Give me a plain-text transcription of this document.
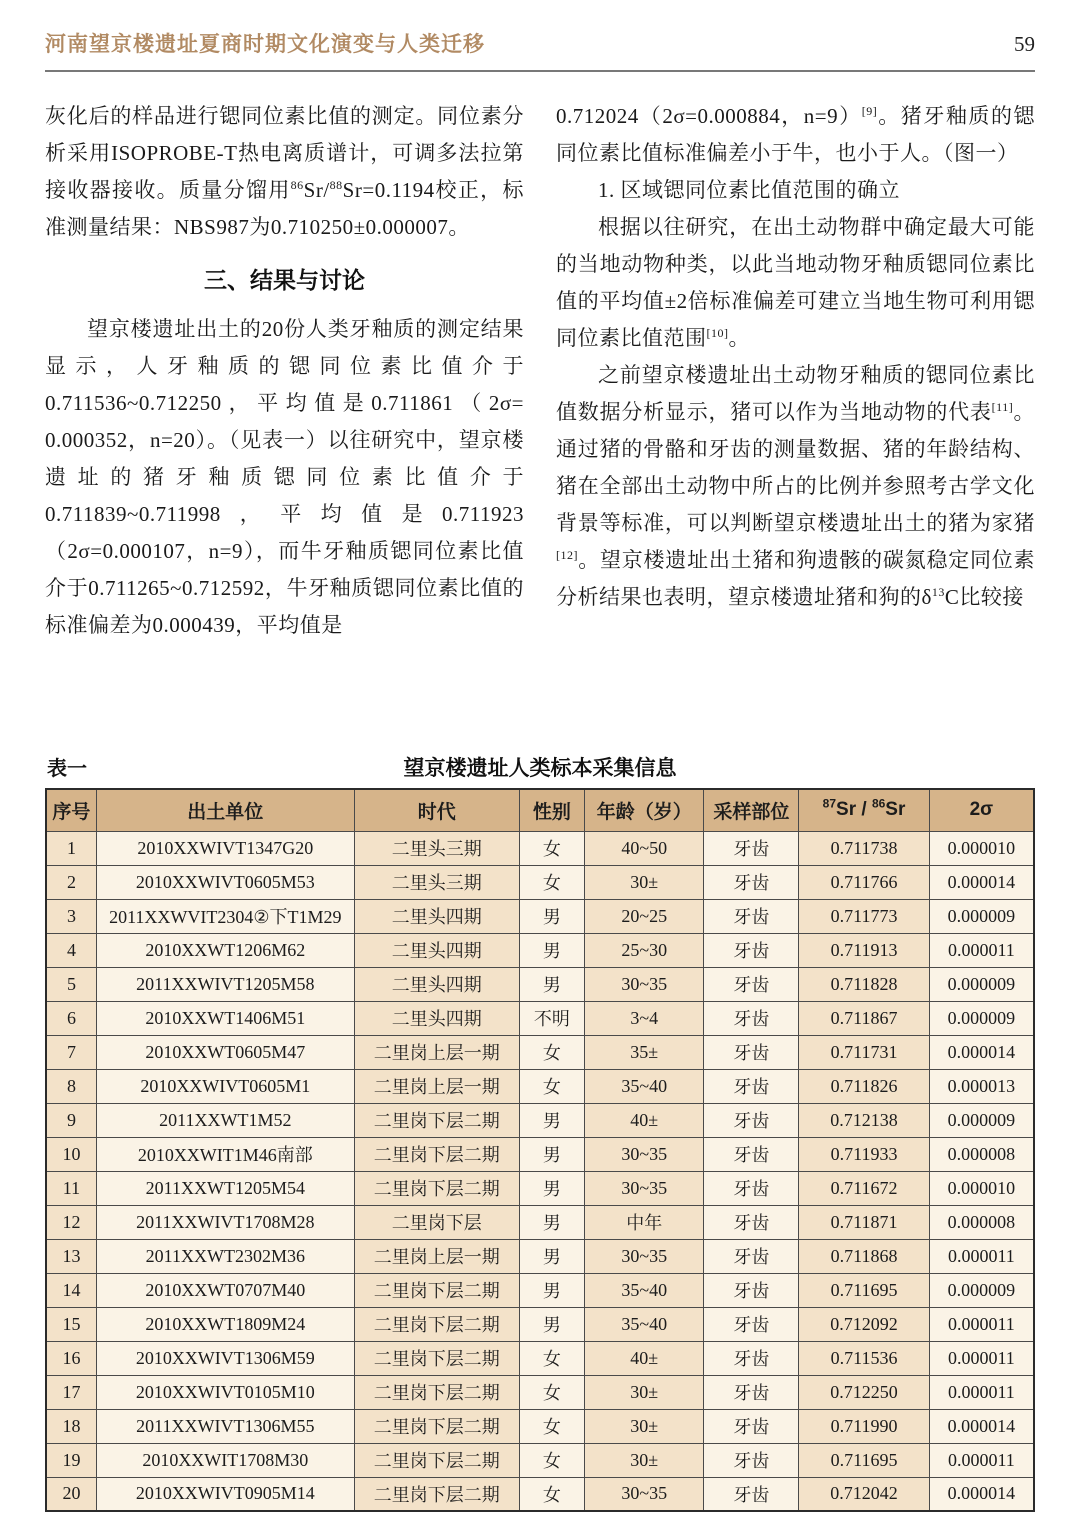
河南望京楼遗址夏商时期文化演变与人类迁移	59

灰化后的样品进行锶同位素比值的测定。同位素分析采用ISOPROBE-T热电离质谱计，可调多法拉第接收器接收。质量分馏用$^{86}$Sr/$^{88}$Sr=0.1194校正，标准测量结果：NBS987为0.710250±0.000007。

三、结果与讨论

望京楼遗址出土的20份人类牙釉质的测定结果显示，人牙釉质的锶同位素比值介于0.711536~0.712250，平均值是0.711861（2σ= 0.000352，n=20）。（见表一）以往研究中，望京楼遗址的猪牙釉质锶同位素比值介于0.711839~0.711998，平均值是0.711923（2σ=0.000107，n=9），而牛牙釉质锶同位素比值介于0.711265~0.712592，牛牙釉质锶同位素比值的标准偏差为0.000439，平均值是

0.712024（2σ=0.000884，n=9）[9]。猪牙釉质的锶同位素比值标准偏差小于牛，也小于人。（图一）

1. 区域锶同位素比值范围的确立

根据以往研究，在出土动物群中确定最大可能的当地动物种类，以此当地动物牙釉质锶同位素比值的平均值±2倍标准偏差可建立当地生物可利用锶同位素比值范围[10]。

之前望京楼遗址出土动物牙釉质的锶同位素比值数据分析显示，猪可以作为当地动物的代表[11]。通过猪的骨骼和牙齿的测量数据、猪的年龄结构、猪在全部出土动物中所占的比例并参照考古学文化背景等标准，可以判断望京楼遗址出土的猪为家猪[12]。望京楼遗址出土猪和狗遗骸的碳氮稳定同位素分析结果也表明，望京楼遗址猪和狗的$\delta^{13}C$比较接

表一	望京楼遗址人类标本采集信息
序号	出土单位	时代	性别	年龄（岁）	采样部位	$^{87}$Sr / $^{86}$Sr	2σ
1	2010XXWIVT1347G20	二里头三期	女	40~50	牙齿	0.711738	0.000010
2	2010XXWIVT0605M53	二里头三期	女	30±	牙齿	0.711766	0.000014
3	2011XXWVIT2304②下T1M29	二里头四期	男	20~25	牙齿	0.711773	0.000009
4	2010XXWT1206M62	二里头四期	男	25~30	牙齿	0.711913	0.000011
5	2011XXWIVT1205M58	二里头四期	男	30~35	牙齿	0.711828	0.000009
6	2010XXWT1406M51	二里头四期	不明	3~4	牙齿	0.711867	0.000009
7	2010XXWT0605M47	二里岗上层一期	女	35±	牙齿	0.711731	0.000014
8	2010XXWIVT0605M1	二里岗上层一期	女	35~40	牙齿	0.711826	0.000013
9	2011XXWT1M52	二里岗下层二期	男	40±	牙齿	0.712138	0.000009
10	2010XXWIT1M46南部	二里岗下层二期	男	30~35	牙齿	0.711933	0.000008
11	2011XXWT1205M54	二里岗下层二期	男	30~35	牙齿	0.711672	0.000010
12	2011XXWIVT1708M28	二里岗下层	男	中年	牙齿	0.711871	0.000008
13	2011XXWT2302M36	二里岗上层一期	男	30~35	牙齿	0.711868	0.000011
14	2010XXWT0707M40	二里岗下层二期	男	35~40	牙齿	0.711695	0.000009
15	2010XXWT1809M24	二里岗下层二期	男	35~40	牙齿	0.712092	0.000011
16	2010XXWIVT1306M59	二里岗下层二期	女	40±	牙齿	0.711536	0.000011
17	2010XXWIVT0105M10	二里岗下层二期	女	30±	牙齿	0.712250	0.000011
18	2011XXWIVT1306M55	二里岗下层二期	女	30±	牙齿	0.711990	0.000014
19	2010XXWIT1708M30	二里岗下层二期	女	30±	牙齿	0.711695	0.000011
20	2010XXWIVT0905M14	二里岗下层二期	女	30~35	牙齿	0.712042	0.000014
